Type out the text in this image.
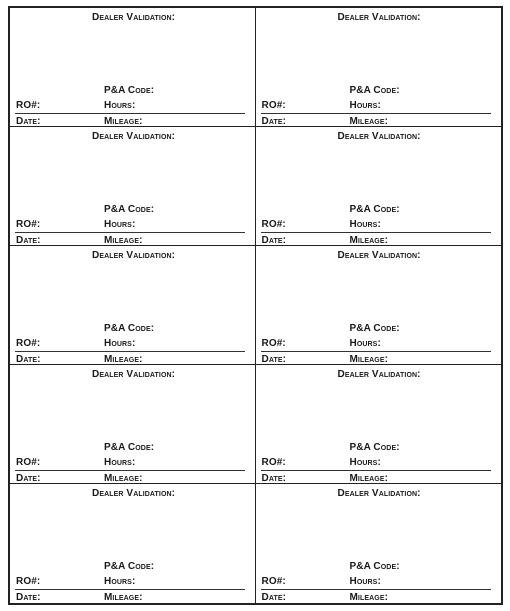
Dealer Validation:
P&A Code:
RO#:	Hours:
Date:	Mileage:
Dealer Validation:
P&A Code:
RO#:	Hours:
Date:	Mileage:
Dealer Validation:
P&A Code:
RO#:	Hours:
Date:	Mileage:
Dealer Validation:
P&A Code:
RO#:	Hours:
Date:	Mileage:
Dealer Validation:
P&A Code:
RO#:	Hours:
Date:	Mileage:
Dealer Validation:
P&A Code:
RO#:	Hours:
Date:	Mileage:
Dealer Validation:
P&A Code:
RO#:	Hours:
Date:	Mileage:
Dealer Validation:
P&A Code:
RO#:	Hours:
Date:	Mileage:
Dealer Validation:
P&A Code:
RO#:	Hours:
Date:	Mileage:
Dealer Validation:
P&A Code:
RO#:	Hours:
Date:	Mileage:
